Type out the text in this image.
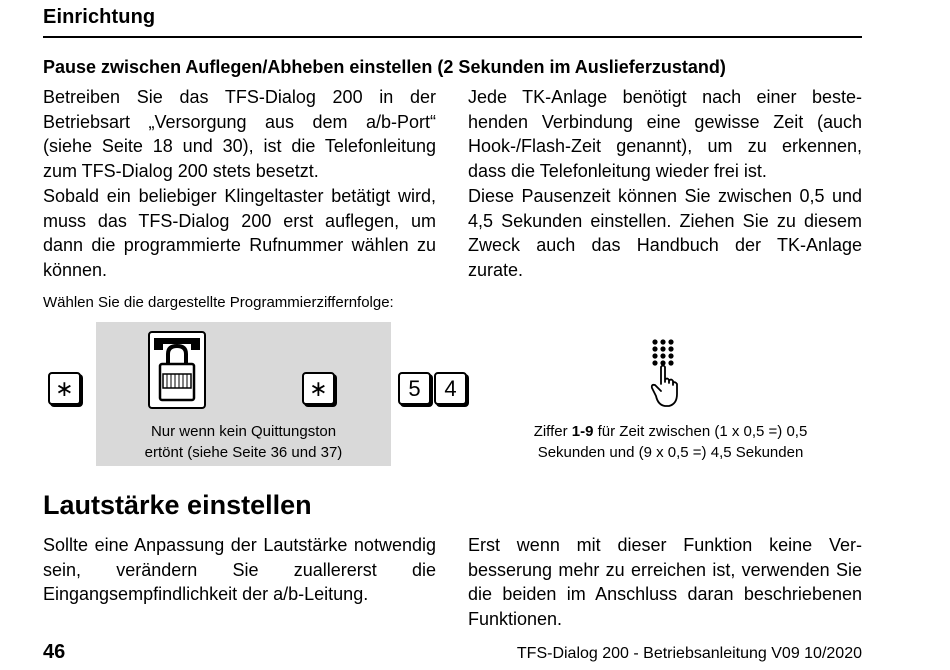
Einrichtung
Pause zwischen Auflegen/Abheben einstellen (2 Sekunden im Auslieferzustand)

Betreiben Sie das TFS-Dialog 200 in der Betriebsart „Versorgung aus dem a/b-Port“ (siehe Seite 18 und 30), ist die Telefonleitung zum TFS-Dialog 200 stets besetzt.

Sobald ein beliebiger Klingeltaster betätigt wird, muss das TFS-Dialog 200 erst auflegen, um dann die programmierte Rufnummer wählen zu können.

Jede TK-Anlage benötigt nach einer bestehenden Verbindung eine gewisse Zeit (auch Hook-/Flash-Zeit genannt), um zu erkennen, dass die Telefonleitung wieder frei ist.

Diese Pausenzeit können Sie zwischen 0,5 und 4,5 Sekunden einstellen. Ziehen Sie zu diesem Zweck auch das Handbuch der TK-Anlage zurate.

Wählen Sie die dargestellte Programmierziffernfolge:
∗	∗
Nur wenn kein Quittungston
ertönt (siehe Seite 36 und 37)
5 4
Ziffer 1-9 für Zeit zwischen (1 x 0,5 =) 0,5
Sekunden und (9 x 0,5 =) 4,5 Sekunden
Lautstärke einstellen

Sollte eine Anpassung der Lautstärke notwendig sein, verändern Sie zuallererst die Eingangsempfindlichkeit der a/b-Leitung.

Erst wenn mit dieser Funktion keine Verbesserung mehr zu erreichen ist, verwenden Sie die beiden im Anschluss daran beschriebenen Funktionen.

46	TFS-Dialog 200 - Betriebsanleitung V09 10/2020
